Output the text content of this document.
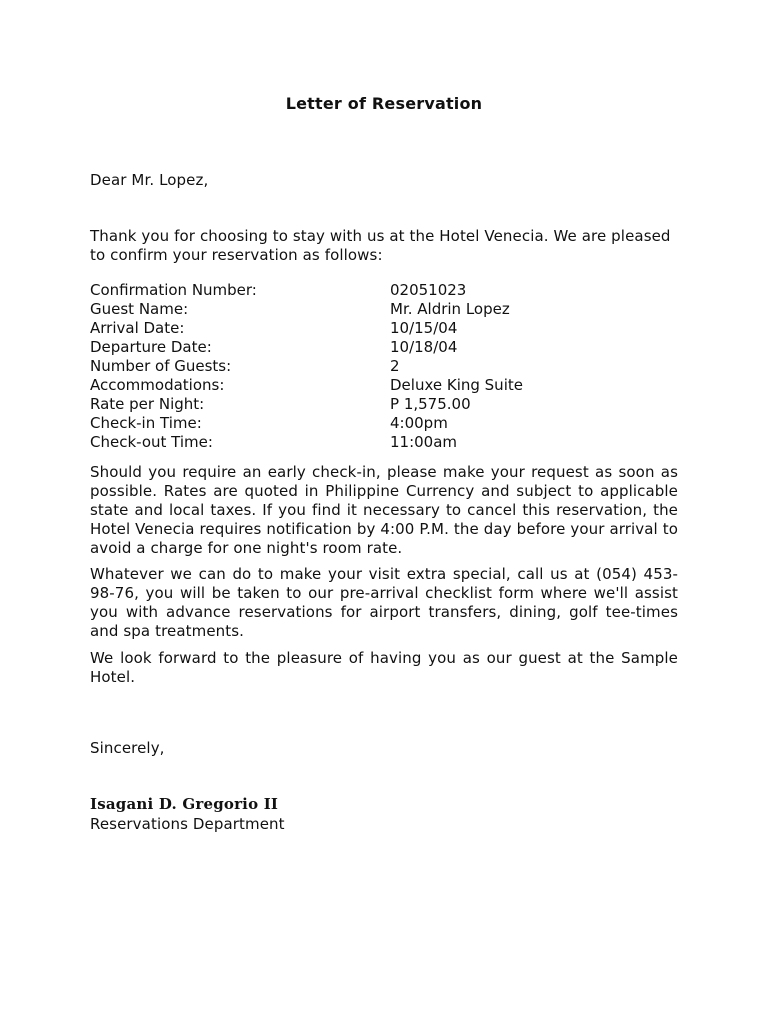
Letter of Reservation
Dear Mr. Lopez,
Thank you for choosing to stay with us at the Hotel Venecia. We are pleased to confirm your reservation as follows:
Confirmation Number:	02051023
Guest Name:	Mr. Aldrin Lopez
Arrival Date:	10/15/04
Departure Date:	10/18/04
Number of Guests:	2
Accommodations:	Deluxe King Suite
Rate per Night:	P 1,575.00
Check-in Time:	4:00pm
Check-out Time:	11:00am
Should you require an early check-in, please make your request as soon as possible. Rates are quoted in Philippine Currency and subject to applicable state and local taxes. If you find it necessary to cancel this reservation, the Hotel Venecia requires notification by 4:00 P.M. the day before your arrival to avoid a charge for one night's room rate.
Whatever we can do to make your visit extra special, call us at (054) 453-98-76, you will be taken to our pre-arrival checklist form where we'll assist you with advance reservations for airport transfers, dining, golf tee-times and spa treatments.
We look forward to the pleasure of having you as our guest at the Sample Hotel.
Sincerely,
Isagani D. Gregorio II
Reservations Department
